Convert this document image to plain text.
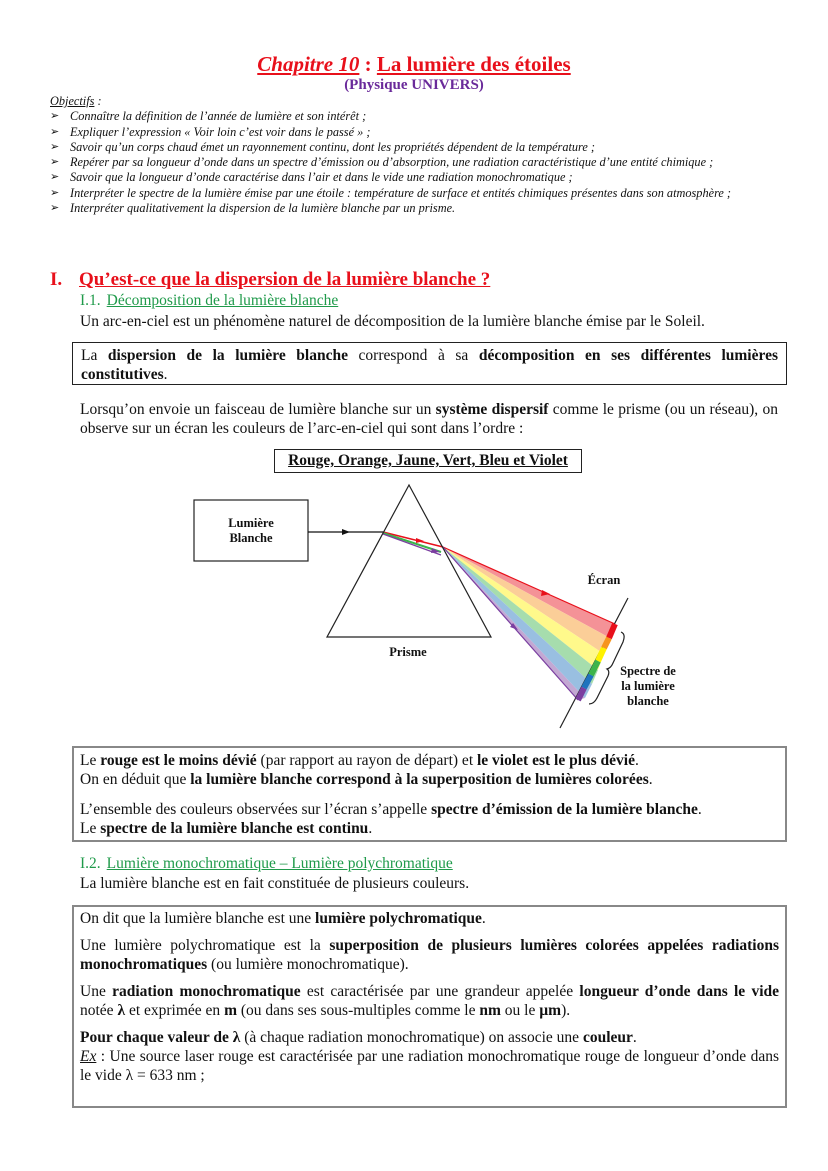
Chapitre 10 : La lumière des étoiles
(Physique UNIVERS)
Objectifs :
➢ Connaître la définition de l’année de lumière et son intérêt ;
➢ Expliquer l’expression « Voir loin c’est voir dans le passé » ;
➢ Savoir qu’un corps chaud émet un rayonnement continu, dont les propriétés dépendent de la température ;
➢ Repérer par sa longueur d’onde dans un spectre d’émission ou d’absorption, une radiation caractéristique d’une entité chimique ;
➢ Savoir que la longueur d’onde caractérise dans l’air et dans le vide une radiation monochromatique ;
➢ Interpréter le spectre de la lumière émise par une étoile : température de surface et entités chimiques présentes dans son atmosphère ;
➢ Interpréter qualitativement la dispersion de la lumière blanche par un prisme.
I. Qu’est-ce que la dispersion de la lumière blanche ?
I.1. Décomposition de la lumière blanche
Un arc-en-ciel est un phénomène naturel de décomposition de la lumière blanche émise par le Soleil.

La dispersion de la lumière blanche correspond à sa décomposition en ses différentes lumières constitutives.

Lorsqu’on envoie un faisceau de lumière blanche sur un système dispersif comme le prisme (ou un réseau), on observe sur un écran les couleurs de l’arc-en-ciel qui sont dans l’ordre :
Rouge, Orange, Jaune, Vert, Bleu et Violet
Lumière
Blanche
Prisme
Écran
Spectre de
la lumière
blanche

Le rouge est le moins dévié (par rapport au rayon de départ) et le violet est le plus dévié.

On en déduit que la lumière blanche correspond à la superposition de lumières colorées.

L’ensemble des couleurs observées sur l’écran s’appelle spectre d’émission de la lumière blanche.

Le spectre de la lumière blanche est continu.

I.2. Lumière monochromatique – Lumière polychromatique
La lumière blanche est en fait constituée de plusieurs couleurs.

On dit que la lumière blanche est une lumière polychromatique.

Une lumière polychromatique est la superposition de plusieurs lumières colorées appelées radiations monochromatiques (ou lumière monochromatique).

Une radiation monochromatique est caractérisée par une grandeur appelée longueur d’onde dans le vide notée λ et exprimée en m (ou dans ses sous-multiples comme le nm ou le µm).

Pour chaque valeur de λ (à chaque radiation monochromatique) on associe une couleur.

Ex : Une source laser rouge est caractérisée par une radiation monochromatique rouge de longueur d’onde dans le vide λ = 633 nm ;
